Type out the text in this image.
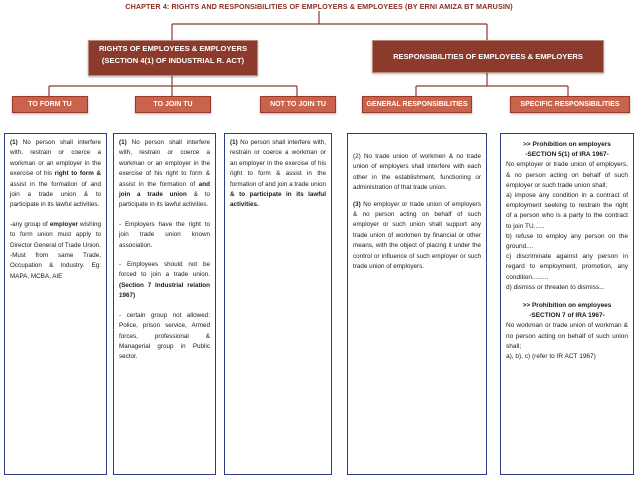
CHAPTER 4: RIGHTS AND RESPONSIBILITIES OF EMPLOYERS & EMPLOYEES (BY ERNI AMIZA BT MARUSIN)
RIGHTS OF EMPLOYEES & EMPLOYERS
(SECTION 4(1) OF INDUSTRIAL R. ACT)	RESPONSIBILITIES OF EMPLOYEES & EMPLOYERS
TO FORM TU	TO JOIN TU	NOT TO JOIN TU	GENERAL RESPONSIBILITIES	SPECIFIC RESPONSIBILITIES

(1) No person shall interfere with, restrain or coerce a workman or an employer in the exercise of his right to form & assist in the formation of and join a trade union & to participate in its lawful activities.

-any group of employer wishing to form union must apply to Director General of Trade Union.

-Must from same Trade, Occupation & Industry. Eg: MAPA, MCBA, AIE

(1) No person shall interfere with, restrain or coerce a workman or an employer in the exercise of his right to form & assist in the formation of and join a trade union & to participate in its lawful activities.

- Employers have the right to join trade union known association.

- Employees should not be forced to join a trade union. (Section 7 Industrial relation 1967)

- certain group not allowed: Police, prison service, Armed forces, professional & Managerial group in Public sector.

(1) No person shall interfere with, restrain or coerce a workman or an employer in the exercise of his right to form & assist in the formation of and join a trade union & to participate in its lawful activities.

(2) No trade union of workmen & no trade union of employers shall interfere with each other in the establishment, functioning or administration of that trade union.

(3) No employer or trade union of employers & no person acting on behalf of such employer or such union shall support any trade union of workmen by financial or other means, with the object of placing it under the control or influence of such employer or such trade union of employers.

>> Prohibition on employers

-SECTION 5(1) of IRA 1967-

No employer or trade union of employers, & no person acting on behalf of such employer or such trade union shall;

a) impose any condition in a contract of employment seeking to restrain the right of a person who is a party to the contract to join TU......

b) refuse to employ any person on the ground....

c) discriminate against any person in regard to employment, promotion, any condition.........

d) dismiss or threaten to dismiss...

>> Prohibition on employees

-SECTION 7 of IRA 1967-

No workman or trade union of workman & no person acting on behalf of such union shall;

a), b), c) (refer to IR ACT 1967)
